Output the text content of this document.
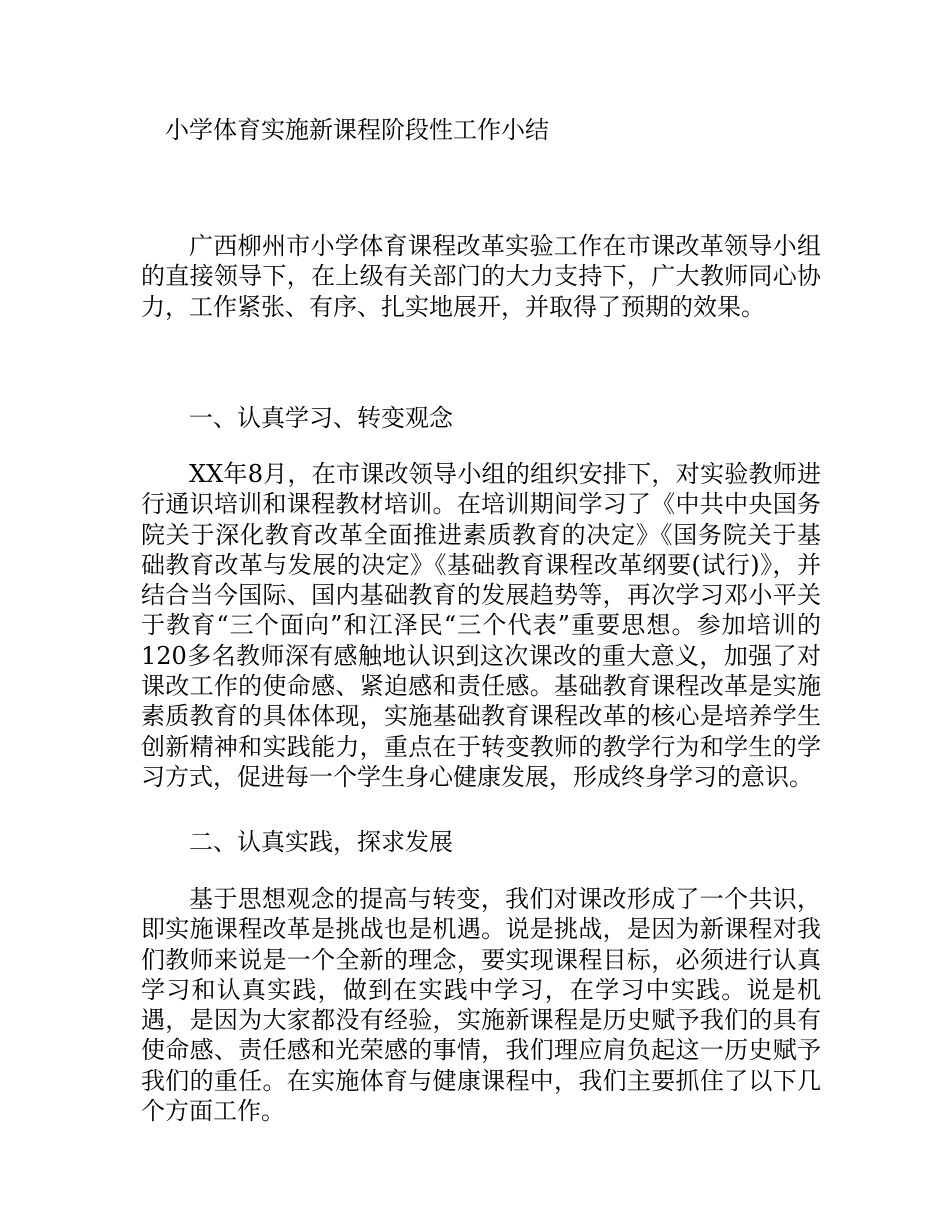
小学体育实施新课程阶段性工作小结

广西柳州市小学体育课程改革实验工作在市课改革领导小组的直接领导下，在上级有关部门的大力支持下，广大教师同心协力，工作紧张、有序、扎实地展开，并取得了预期的效果。

一、认真学习、转变观念

XX年8月，在市课改领导小组的组织安排下，对实验教师进行通识培训和课程教材培训。在培训期间学习了《中共中央国务院关于深化教育改革全面推进素质教育的决定》《国务院关于基础教育改革与发展的决定》《基础教育课程改革纲要(试行)》，并结合当今国际、国内基础教育的发展趋势等，再次学习邓小平关于教育“三个面向”和江泽民“三个代表”重要思想。参加培训的120多名教师深有感触地认识到这次课改的重大意义，加强了对课改工作的使命感、紧迫感和责任感。基础教育课程改革是实施素质教育的具体体现，实施基础教育课程改革的核心是培养学生创新精神和实践能力，重点在于转变教师的教学行为和学生的学习方式，促进每一个学生身心健康发展，形成终身学习的意识。

二、认真实践，探求发展

基于思想观念的提高与转变，我们对课改形成了一个共识，即实施课程改革是挑战也是机遇。说是挑战，是因为新课程对我们教师来说是一个全新的理念，要实现课程目标，必须进行认真学习和认真实践，做到在实践中学习，在学习中实践。说是机遇，是因为大家都没有经验，实施新课程是历史赋予我们的具有使命感、责任感和光荣感的事情，我们理应肩负起这一历史赋予我们的重任。在实施体育与健康课程中，我们主要抓住了以下几个方面工作。
